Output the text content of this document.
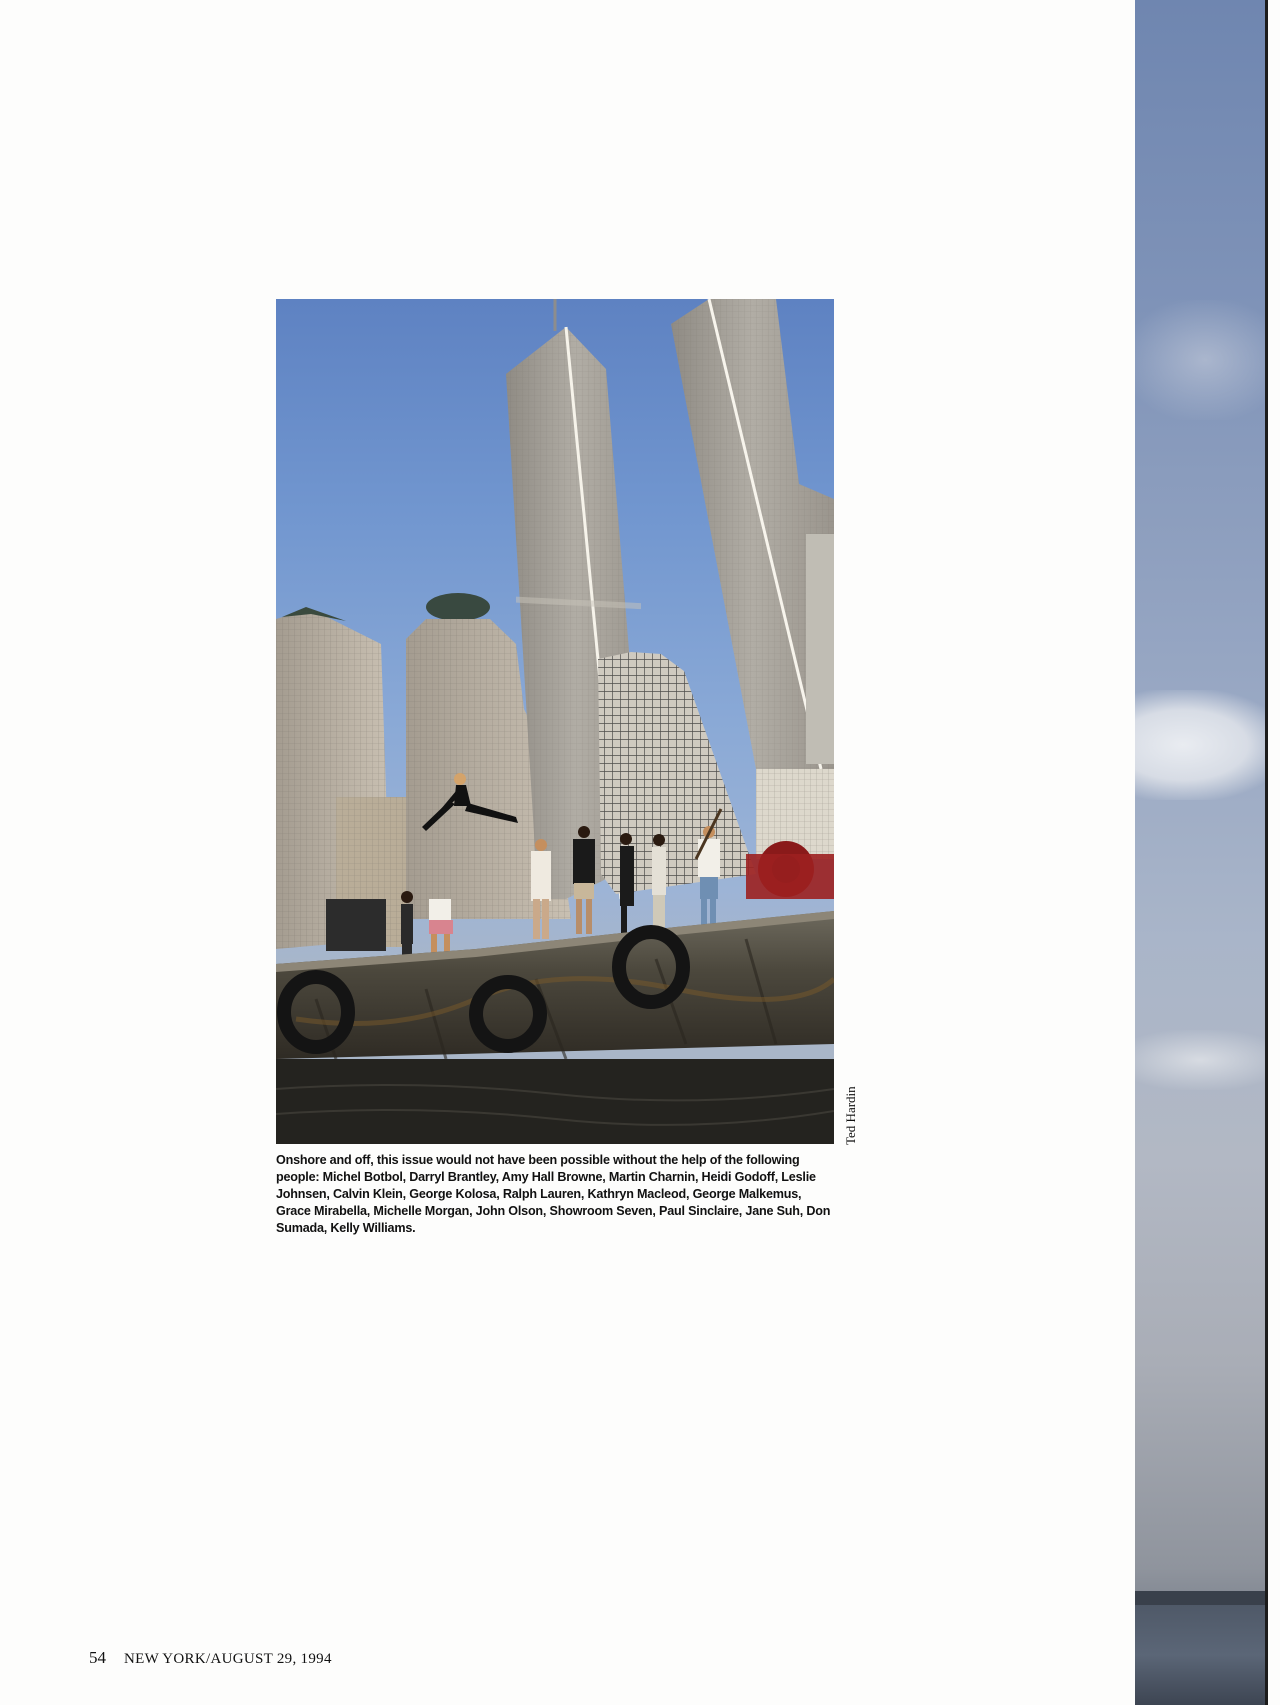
Ted Hardin

Onshore and off, this issue would not have been possible without the help of the following people: Michel Botbol, Darryl Brantley, Amy Hall Browne, Martin Charnin, Heidi Godoff, Leslie Johnsen, Calvin Klein, George Kolosa, Ralph Lauren, Kathryn Macleod, George Malkemus, Grace Mirabella, Michelle Morgan, John Olson, Showroom Seven, Paul Sinclaire, Jane Suh, Don Sumada, Kelly Williams.

54 NEW YORK/AUGUST 29, 1994
